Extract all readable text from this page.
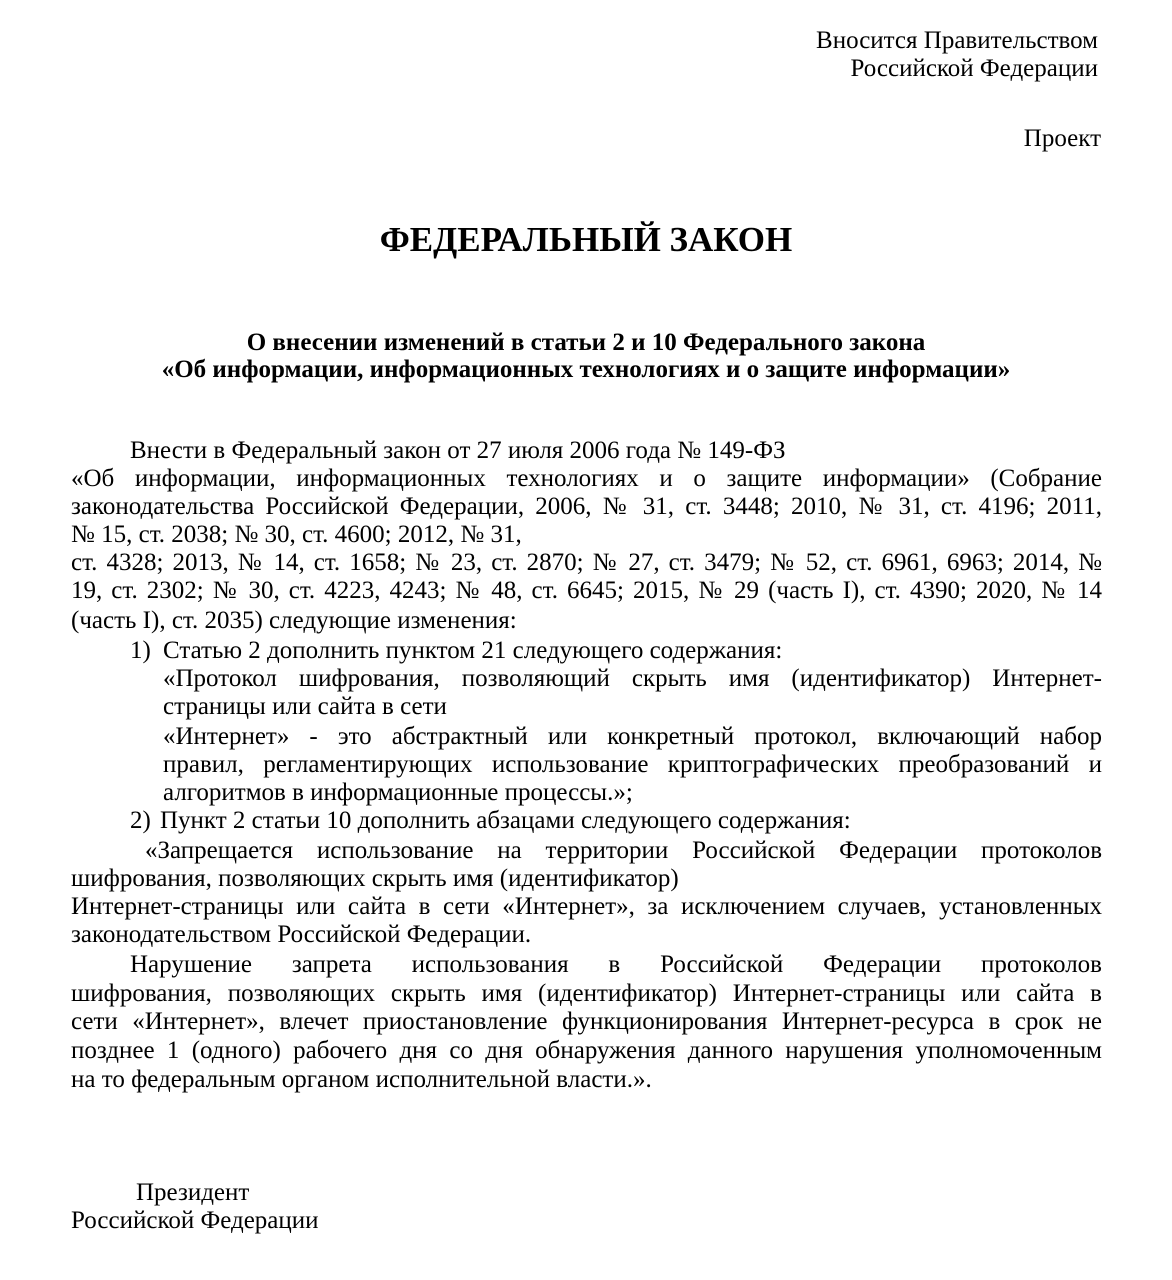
Вносится Правительством
Российской Федерации
Проект
ФЕДЕРАЛЬНЫЙ ЗАКОН
О внесении изменений в статьи 2 и 10 Федерального закона
«Об информации, информационных технологиях и о защите информации»
Внести в Федеральный закон от 27 июля 2006 года № 149-ФЗ
«Об информации, информационных технологиях и о защите информации» (Собрание
законодательства Российской Федерации, 2006, № 31, ст. 3448; 2010, № 31, ст. 4196; 2011,
№ 15, ст. 2038; № 30, ст. 4600; 2012, № 31,
ст. 4328; 2013, № 14, ст. 1658; № 23, ст. 2870; № 27, ст. 3479; № 52, ст. 6961, 6963; 2014, №
19, ст. 2302; № 30, ст. 4223, 4243; № 48, ст. 6645; 2015, № 29 (часть I), ст. 4390; 2020, № 14
(часть I), ст. 2035) следующие изменения:
1) Статью 2 дополнить пунктом 21 следующего содержания:
«Протокол шифрования, позволяющий скрыть имя (идентификатор) Интернет-
страницы или сайта в сети
«Интернет» - это абстрактный или конкретный протокол, включающий набор
правил, регламентирующих использование криптографических преобразований и
алгоритмов в информационные процессы.»;
2) Пункт 2 статьи 10 дополнить абзацами следующего содержания:
«Запрещается использование на территории Российской Федерации протоколов
шифрования, позволяющих скрыть имя (идентификатор)
Интернет-страницы или сайта в сети «Интернет», за исключением случаев, установленных
законодательством Российской Федерации.
Нарушение запрета использования в Российской Федерации протоколов
шифрования, позволяющих скрыть имя (идентификатор) Интернет-страницы или сайта в
сети «Интернет», влечет приостановление функционирования Интернет-ресурса в срок не
позднее 1 (одного) рабочего дня со дня обнаружения данного нарушения уполномоченным
на то федеральным органом исполнительной власти.».
Президент
Российской Федерации
